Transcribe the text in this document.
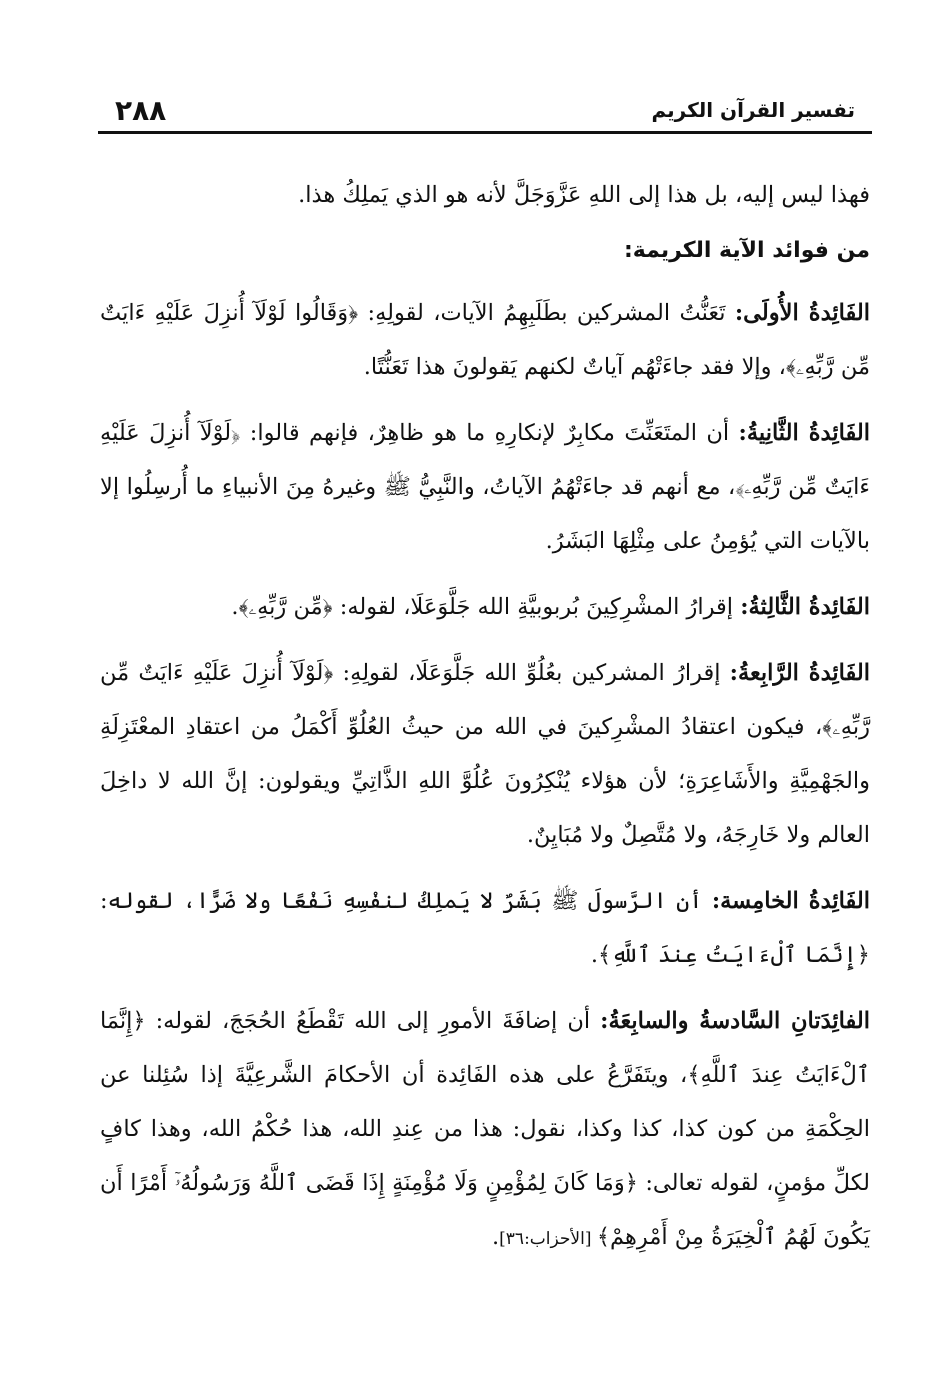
٢٨٨	تفسير القرآن الكريم

فهذا ليس إليه، بل هذا إلى اللهِ عَزَّوَجَلَّ لأنه هو الذي يَملِكُ هذا.

من فوائد الآية الكريمة:

الفَائِدةُ الأُولَى: تَعَنُّتُ المشركين بطَلَبِهِمُ الآيات، لقولِهِ: ﴿وَقَالُوا لَوْلَآ أُنزِلَ عَلَيْهِ ءَايَتٌ مِّن رَّبِّهِۦ﴾، وإلا فقد جاءَتْهُم آياتٌ لكنهم يَقولونَ هذا تَعَنُّتًا.

الفَائِدةُ الثَّانِيةُ: أن المتَعَنِّتَ مكابِرٌ لإنكارِهِ ما هو ظاهِرٌ، فإنهم قالوا: ﴿لَوْلَآ أُنزِلَ عَلَيْهِ ءَايَتٌ مِّن رَّبِّهِۦ﴾، مع أنهم قد جاءَتْهُمُ الآياتُ، والنَّبِيُّ ﷺ وغيرهُ مِنَ الأنبياءِ ما أُرسِلُوا إلا بالآيات التي يُؤمِنُ على مِثْلِهَا البَشَرُ.

الفَائِدةُ الثَّالِثةُ: إقرارُ المشْرِكِينَ بُربوبيَّةِ الله جَلَّوَعَلَا، لقوله: ﴿مِّن رَّبِّهِۦ﴾.

الفَائِدةُ الرَّابِعةُ: إقرارُ المشركين بعُلُوِّ الله جَلَّوَعَلَا، لقولِهِ: ﴿لَوْلَآ أُنزِلَ عَلَيْهِ ءَايَتٌ مِّن رَّبِّهِۦ﴾، فيكون اعتقادُ المشْرِكينَ في الله من حيثُ العُلُوِّ أَكْمَلُ من اعتقادِ المعْتَزِلَةِ والجَهْمِيَّةِ والأَشَاعِرَةِ؛ لأن هؤلاء يُنْكِرُونَ عُلُوَّ اللهِ الذَّاتِيِّ ويقولون: إنَّ الله لا داخِلَ العالم ولا خَارِجَهُ، ولا مُتَّصِلٌ ولا مُبَايِنٌ.

الفَائِدةُ الخامِسة: أن الرَّسولَ ﷺ بَشَرٌ لا يَملِكُ لنفْسِهِ نَفْعًا ولا ضَرًّا، لقوله: ﴿إِنَّمَا ٱلْءَايَتُ عِندَ ٱللَّهِ﴾.

الفائِدَتانِ السَّادسةُ والسابِعَةُ: أن إضافَةَ الأمورِ إلى الله تَقْطَعُ الحُجَجَ، لقوله: ﴿إِنَّمَا ٱلْءَايَتُ عِندَ ٱللَّهِ﴾، ويتَفَرَّعُ على هذه الفَائِدة أن الأحكامَ الشَّرعِيَّةَ إذا سُئِلنا عن الحِكْمَةِ من كون كذا، كذا وكذا، نقول: هذا من عِندِ الله، هذا حُكْمُ الله، وهذا كافٍ لكلِّ مؤمنٍ، لقوله تعالى: ﴿وَمَا كَانَ لِمُؤْمِنٍ وَلَا مُؤْمِنَةٍ إِذَا قَضَى ٱللَّهُ وَرَسُولُهُۥٓ أَمْرًا أَن يَكُونَ لَهُمُ ٱلْخِيَرَةُ مِنْ أَمْرِهِمْ﴾ [الأحزاب:٣٦].
